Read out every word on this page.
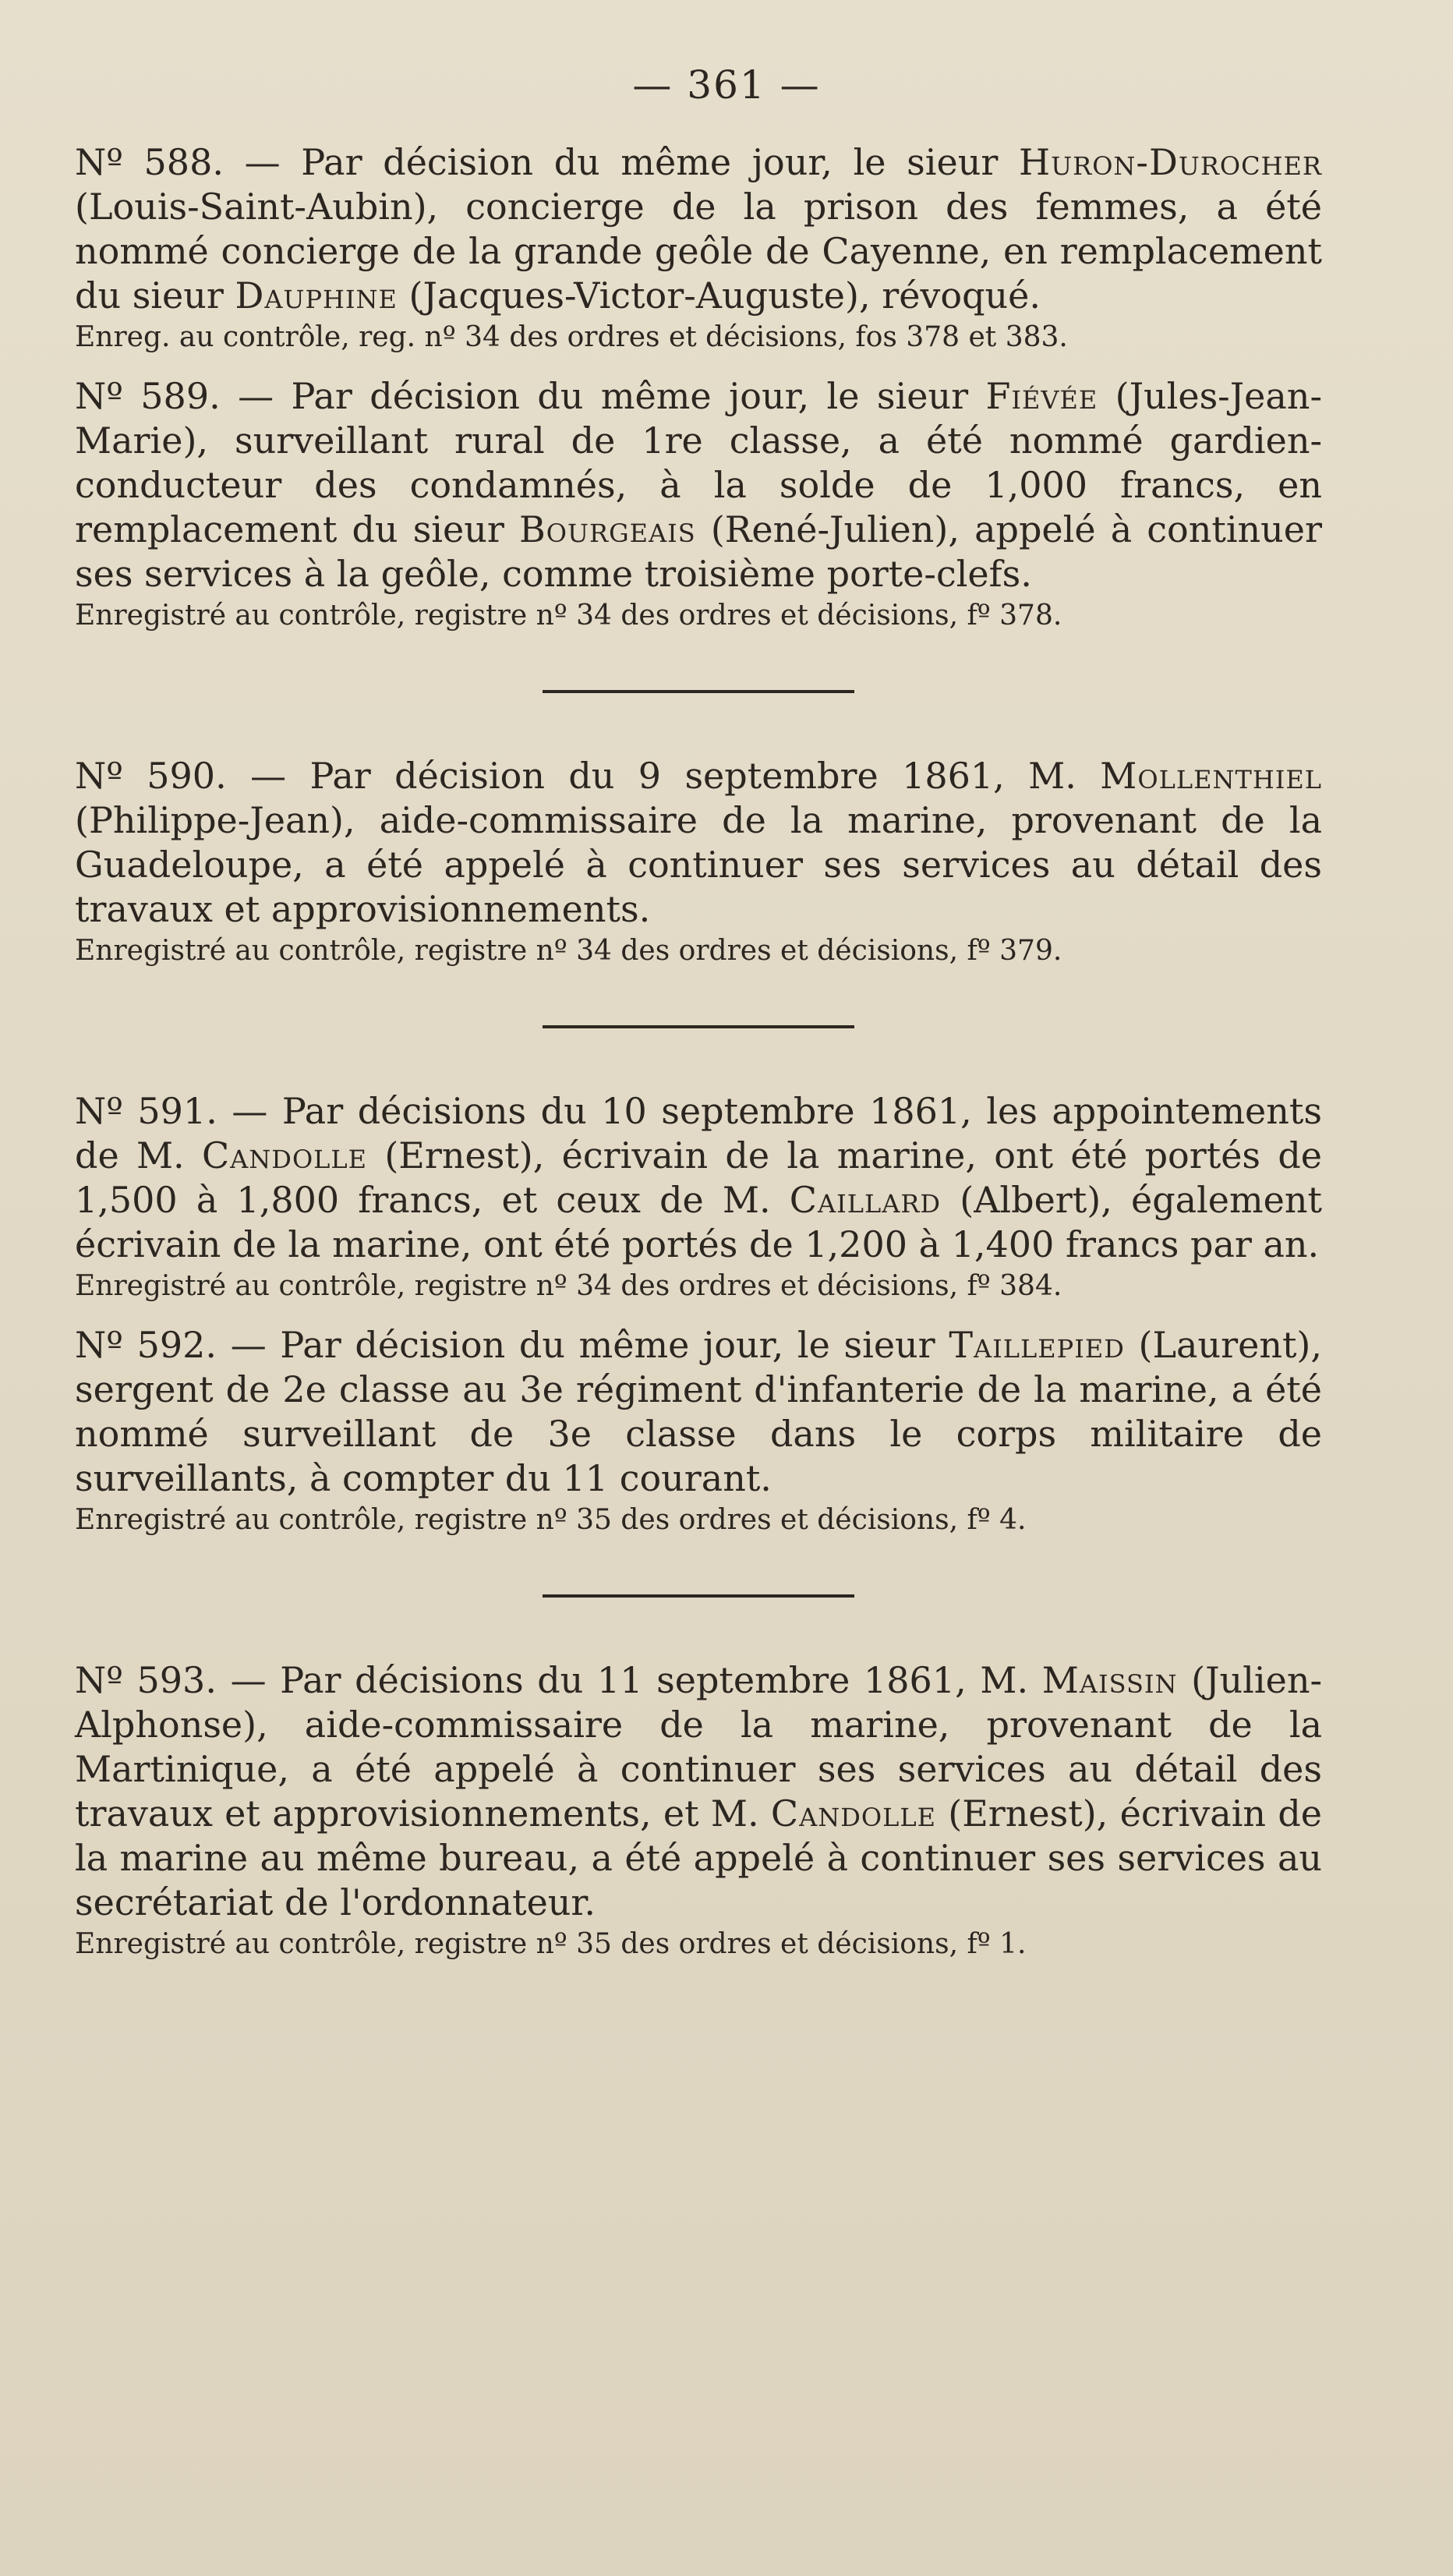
— 361 —

Nº 588. — Par décision du même jour, le sieur Huron-Durocher (Louis-Saint-Aubin), concierge de la prison des femmes, a été nommé concierge de la grande geôle de Cayenne, en remplacement du sieur Dauphine (Jacques-Victor-Auguste), révoqué.

Enreg. au contrôle, reg. nº 34 des ordres et décisions, fos 378 et 383.

Nº 589. — Par décision du même jour, le sieur Fiévée (Jules-Jean-Marie), surveillant rural de 1re classe, a été nommé gardien-conducteur des condamnés, à la solde de 1,000 francs, en remplacement du sieur Bourgeais (René-Julien), appelé à continuer ses services à la geôle, comme troisième porte-clefs.

Enregistré au contrôle, registre nº 34 des ordres et décisions, fº 378.

Nº 590. — Par décision du 9 septembre 1861, M. Mollenthiel (Philippe-Jean), aide-commissaire de la marine, provenant de la Guadeloupe, a été appelé à continuer ses services au détail des travaux et approvisionnements.

Enregistré au contrôle, registre nº 34 des ordres et décisions, fº 379.

Nº 591. — Par décisions du 10 septembre 1861, les appointements de M. Candolle (Ernest), écrivain de la marine, ont été portés de 1,500 à 1,800 francs, et ceux de M. Caillard (Albert), également écrivain de la marine, ont été portés de 1,200 à 1,400 francs par an.

Enregistré au contrôle, registre nº 34 des ordres et décisions, fº 384.

Nº 592. — Par décision du même jour, le sieur Taillepied (Laurent), sergent de 2e classe au 3e régiment d'infanterie de la marine, a été nommé surveillant de 3e classe dans le corps militaire de surveillants, à compter du 11 courant.

Enregistré au contrôle, registre nº 35 des ordres et décisions, fº 4.

Nº 593. — Par décisions du 11 septembre 1861, M. Maissin (Julien-Alphonse), aide-commissaire de la marine, provenant de la Martinique, a été appelé à continuer ses services au détail des travaux et approvisionnements, et M. Candolle (Ernest), écrivain de la marine au même bureau, a été appelé à continuer ses services au secrétariat de l'ordonnateur.

Enregistré au contrôle, registre nº 35 des ordres et décisions, fº 1.
